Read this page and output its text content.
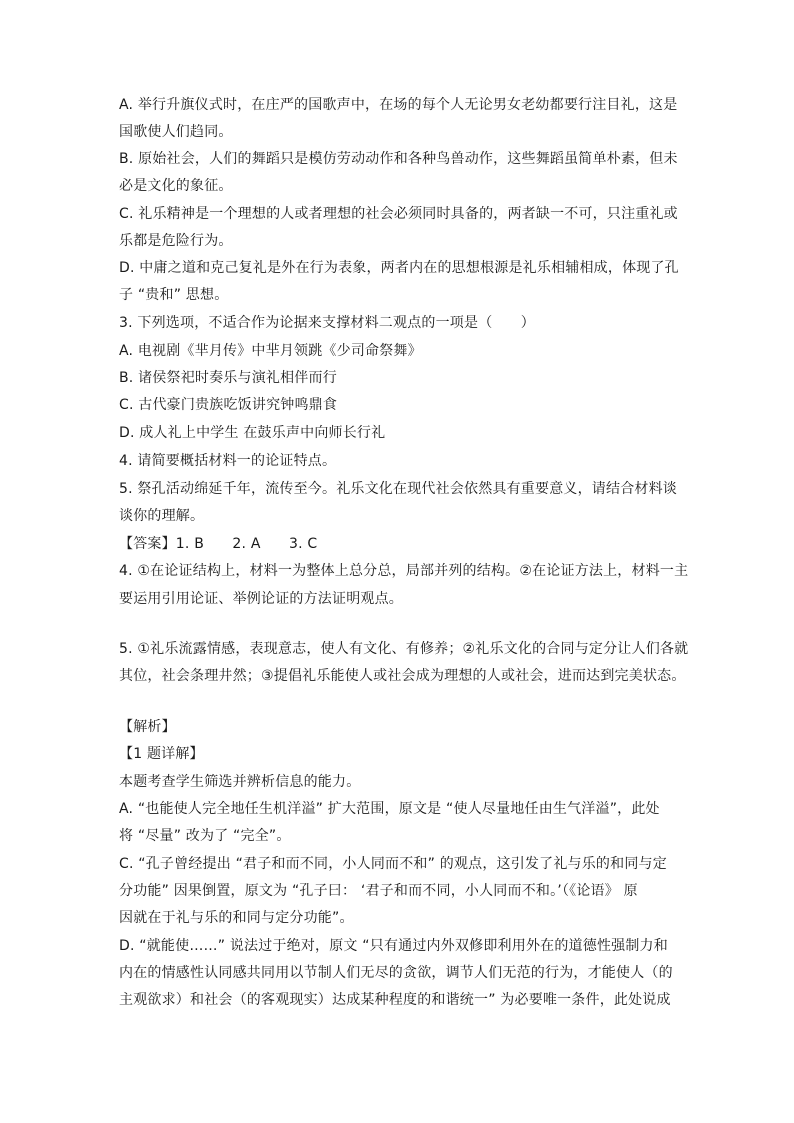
A. 举行升旗仪式时，在庄严的国歌声中，在场的每个人无论男女老幼都要行注目礼，这是
国歌使人们趋同。
B. 原始社会，人们的舞蹈只是模仿劳动动作和各种鸟兽动作，这些舞蹈虽简单朴素，但未
必是文化的象征。
C. 礼乐精神是一个理想的人或者理想的社会必须同时具备的，两者缺一不可，只注重礼或
乐都是危险行为。
D. 中庸之道和克己复礼是外在行为表象，两者内在的思想根源是礼乐相辅相成，体现了孔
子 “贵和” 思想。
3. 下列选项，不适合作为论据来支撑材料二观点的一项是（　　）
A. 电视剧《芈月传》中芈月领跳《少司命祭舞》
B. 诸侯祭祀时奏乐与演礼相伴而行
C. 古代豪门贵族吃饭讲究钟鸣鼎食
D. 成人礼上中学生 在鼓乐声中向师长行礼
4. 请简要概括材料一的论证特点。
5. 祭孔活动绵延千年，流传至今。礼乐文化在现代社会依然具有重要意义，请结合材料谈
谈你的理解。
【答案】1. B　　2. A　　3. C
4. ①在论证结构上，材料一为整体上总分总，局部并列的结构。②在论证方法上，材料一主
要运用引用论证、举例论证的方法证明观点。
5. ①礼乐流露情感，表现意志，使人有文化、有修养；②礼乐文化的合同与定分让人们各就
其位，社会条理井然；③提倡礼乐能使人或社会成为理想的人或社会，进而达到完美状态。
【解析】
【1 题详解】
本题考查学生筛选并辨析信息的能力。
A. “也能使人完全地任生机洋溢” 扩大范围，原文是 “使人尽量地任由生气洋溢”，此处
将 “尽量” 改为了 “完全”。
C. “孔子曾经提出 “君子和而不同，小人同而不和” 的观点，这引发了礼与乐的和同与定
分功能” 因果倒置，原文为 “孔子曰： ‘君子和而不同，小人同而不和。’（《论语》 原
因就在于礼与乐的和同与定分功能”。
D. “就能使……” 说法过于绝对，原文 “只有通过内外双修即利用外在的道德性强制力和
内在的情感性认同感共同用以节制人们无尽的贪欲，调节人们无范的行为，才能使人（的
主观欲求）和社会（的客观现实）达成某种程度的和谐统一” 为必要唯一条件，此处说成
